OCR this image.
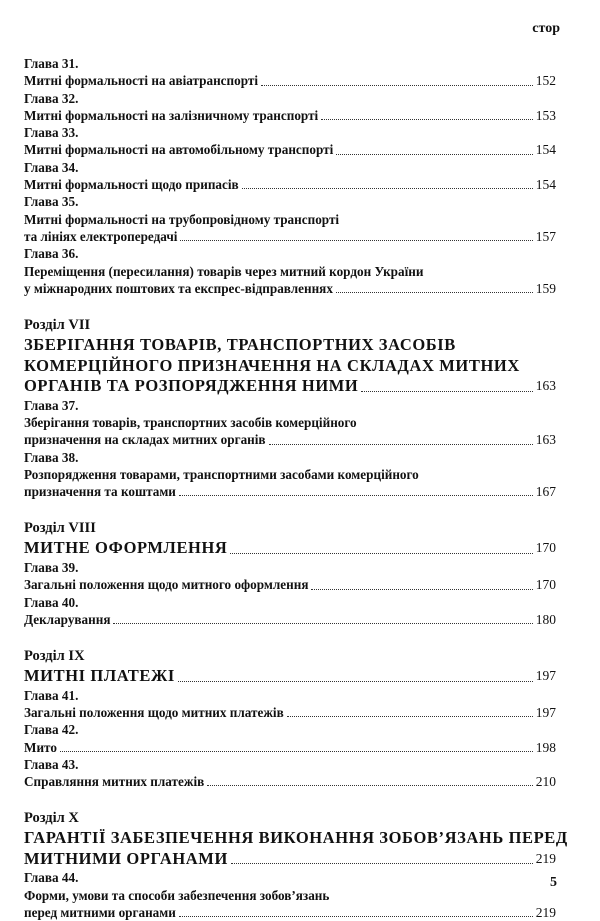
стор
Глава 31.
Митні формальності на авіатранспорті	152
Глава 32.
Митні формальності на залізничному транспорті	153
Глава 33.
Митні формальності на автомобільному транспорті	154
Глава 34.
Митні формальності щодо припасів	154
Глава 35.
Митні формальності на трубопровідному транспорті
та лініях електропередачі	157
Глава 36.
Переміщення (пересилання) товарів через митний кордон України
у міжнародних поштових та експрес-відправленнях	159
Розділ VII
ЗБЕРІГАННЯ ТОВАРІВ, ТРАНСПОРТНИХ ЗАСОБІВ
КОМЕРЦІЙНОГО ПРИЗНАЧЕННЯ НА СКЛАДАХ МИТНИХ
ОРГАНІВ ТА РОЗПОРЯДЖЕННЯ НИМИ	163
Глава 37.
Зберігання товарів, транспортних засобів комерційного
призначення на складах митних органів	163
Глава 38.
Розпорядження товарами, транспортними засобами комерційного
призначення та коштами	167
Розділ VIII
МИТНЕ ОФОРМЛЕННЯ	170
Глава 39.
Загальні положення щодо митного оформлення	170
Глава 40.
Декларування	180
Розділ IX
МИТНІ ПЛАТЕЖІ	197
Глава 41.
Загальні положення щодо митних платежів	197
Глава 42.
Мито	198
Глава 43.
Справляння митних платежів	210
Розділ X
ГАРАНТІЇ ЗАБЕЗПЕЧЕННЯ ВИКОНАННЯ ЗОБОВ’ЯЗАНЬ ПЕРЕД
МИТНИМИ ОРГАНАМИ	219
Глава 44.
Форми, умови та способи забезпечення зобов’язань
перед митними органами	219
5
